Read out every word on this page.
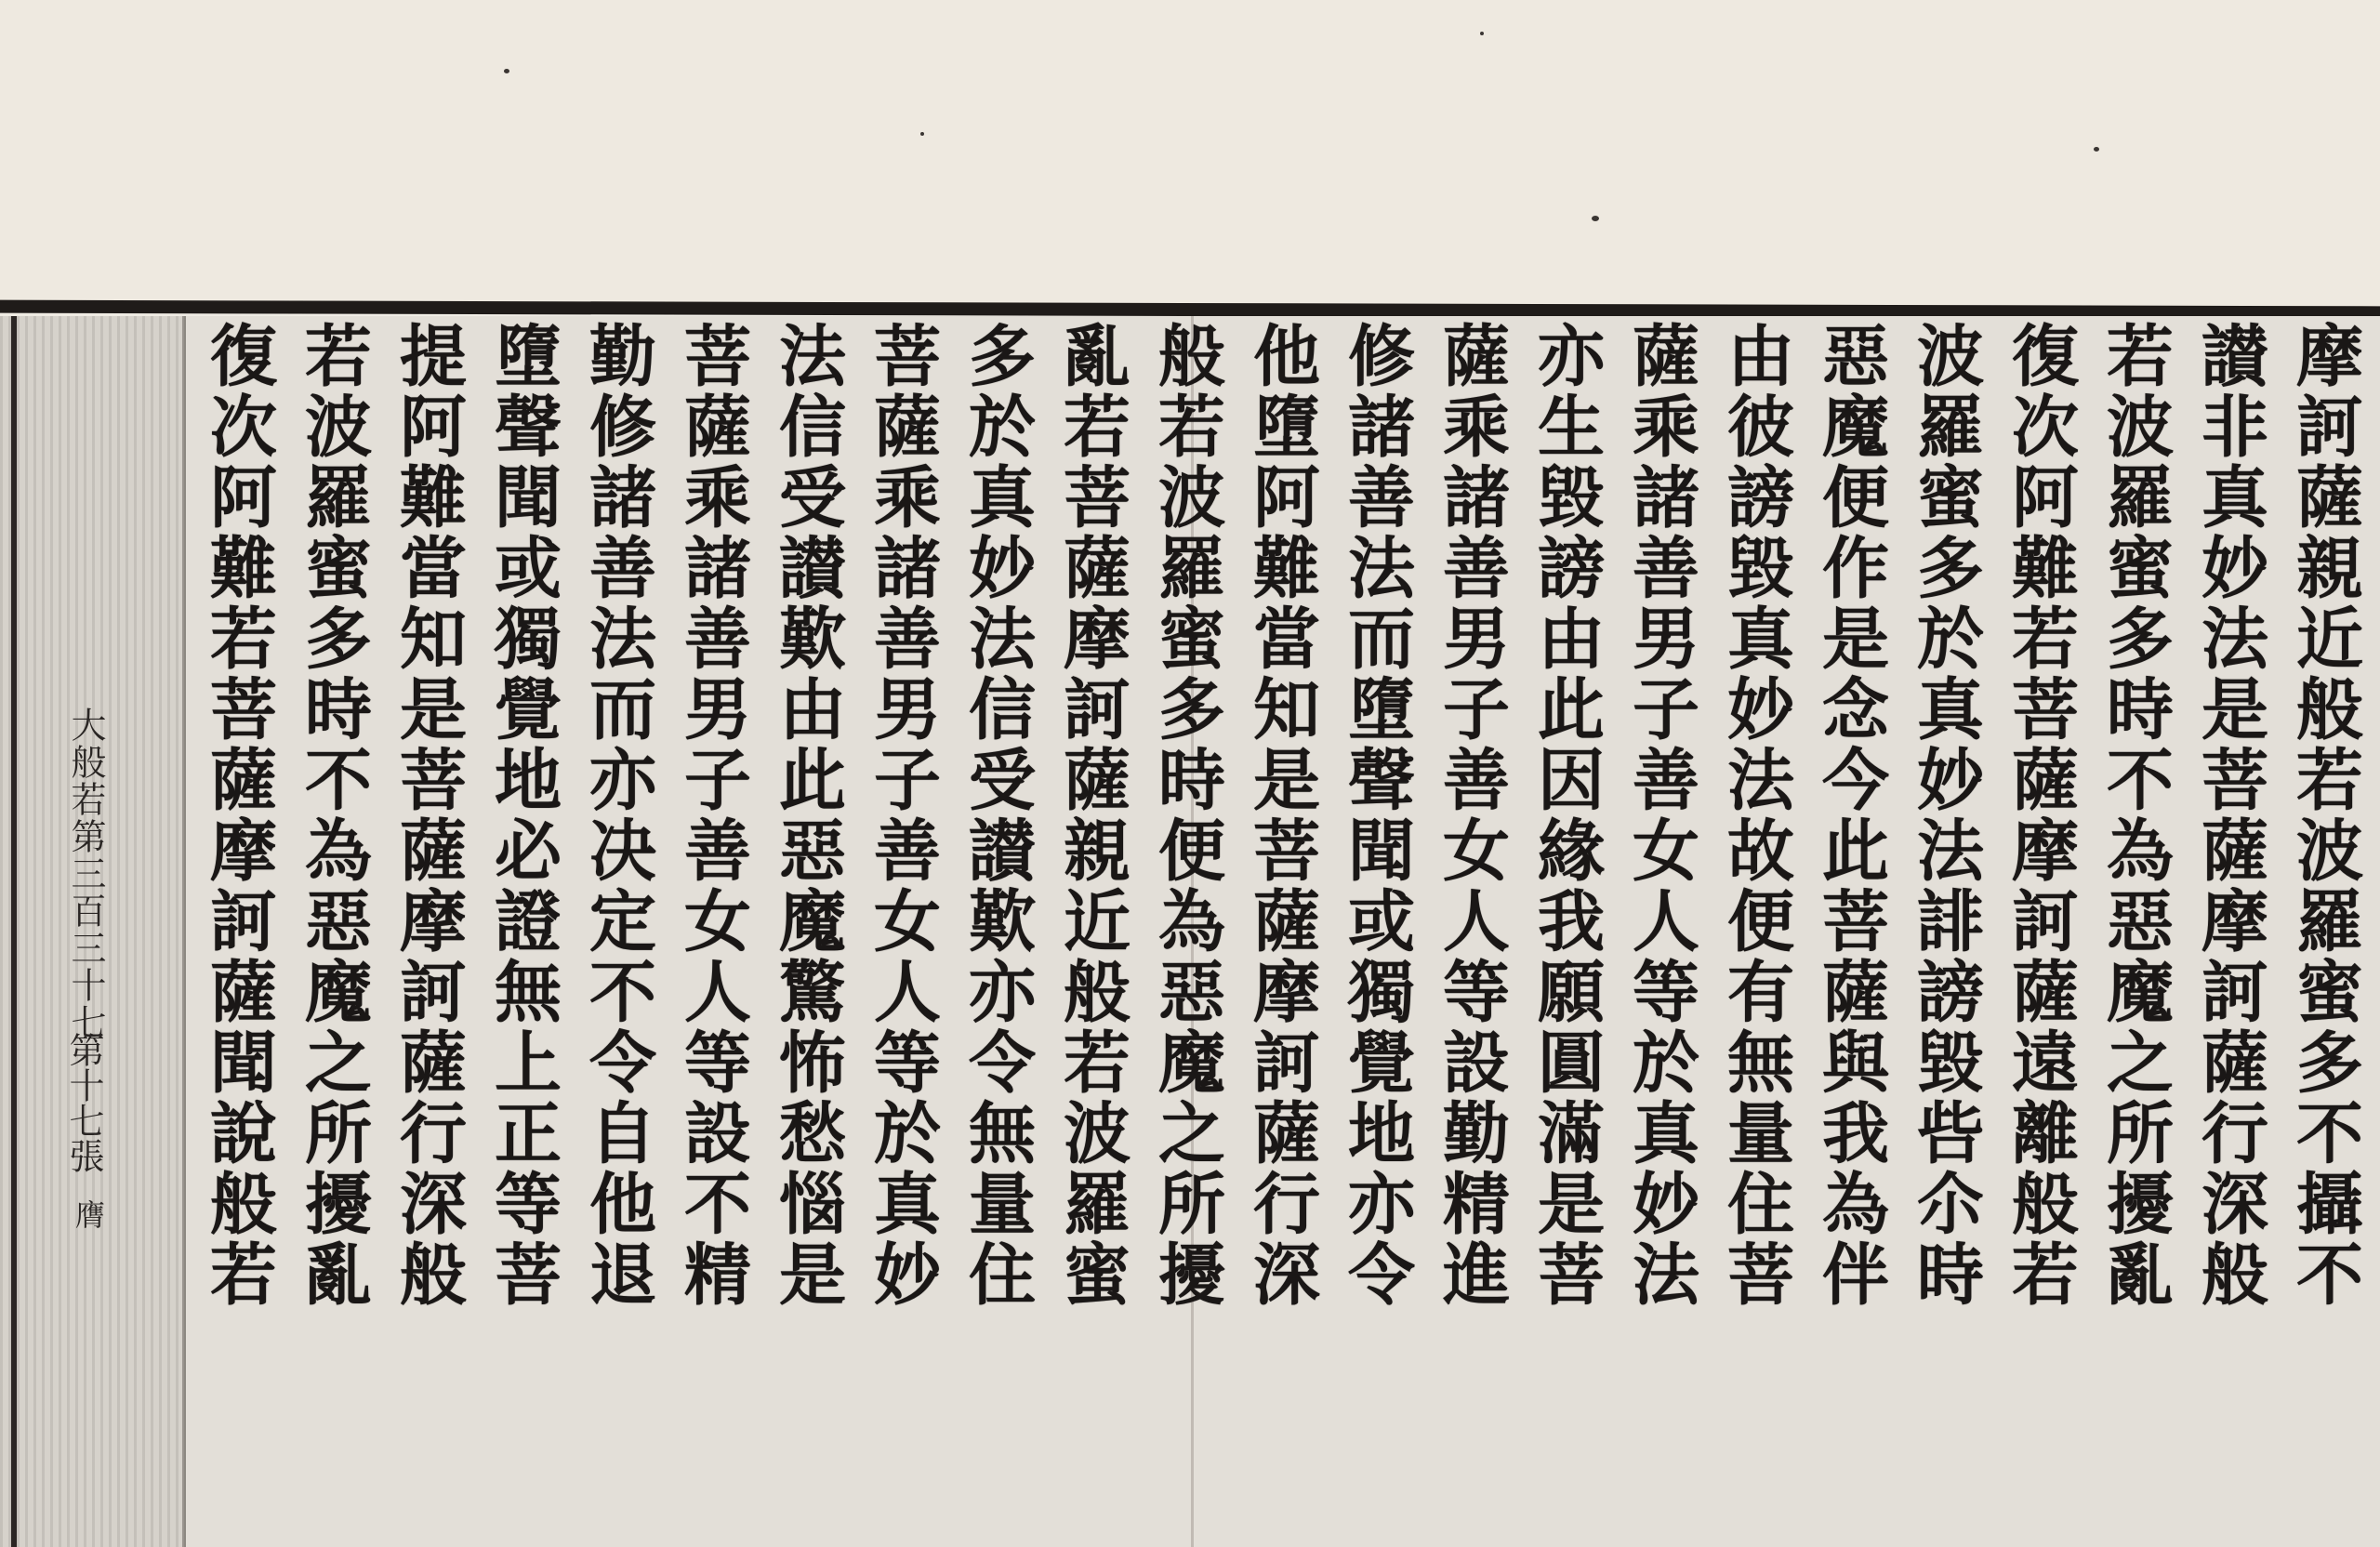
大般若第三百三十七
第十七張
膺	摩訶薩親近般若波羅蜜多不攝不
讃非真妙法是菩薩摩訶薩行深般
若波羅蜜多時不為惡魔之所擾亂
復次阿難若菩薩摩訶薩遠離般若
波羅蜜多於真妙法誹謗毀呰尒時
惡魔便作是念今此菩薩與我為伴
由彼謗毀真妙法故便有無量住菩
薩乘諸善男子善女人等於真妙法
亦生毀謗由此因緣我願圓滿是菩
薩乘諸善男子善女人等設勤精進
修諸善法而墮聲聞或獨覺地亦令
他墮阿難當知是菩薩摩訶薩行深
般若波羅蜜多時便為惡魔之所擾
亂若菩薩摩訶薩親近般若波羅蜜
多於真妙法信受讃歎亦令無量住
菩薩乘諸善男子善女人等於真妙
法信受讃歎由此惡魔驚怖愁惱是
菩薩乘諸善男子善女人等設不精
勤修諸善法而亦决定不令自他退
墮聲聞或獨覺地必證無上正等菩
提阿難當知是菩薩摩訶薩行深般
若波羅蜜多時不為惡魔之所擾亂
復次阿難若菩薩摩訶薩聞說般若
